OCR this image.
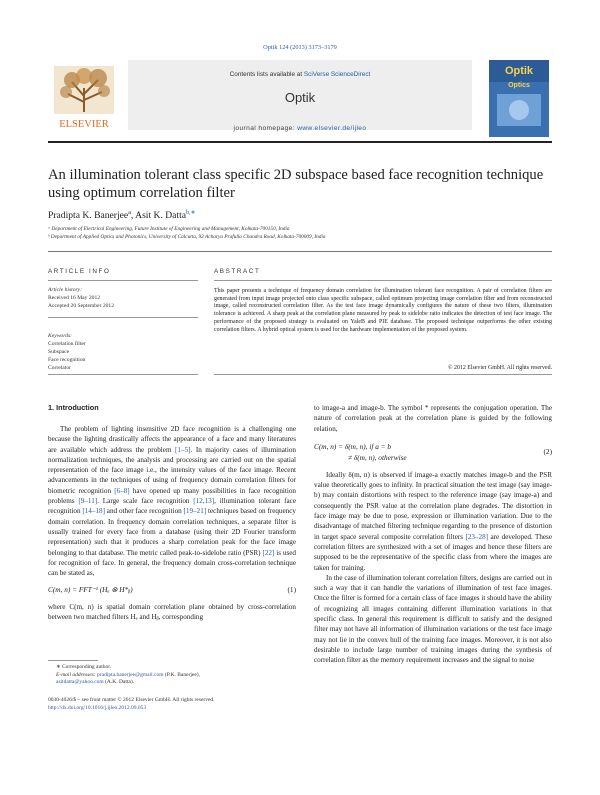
Optik 124 (2013) 3173–3179
Contents lists available at SciVerse ScienceDirect
Optik
journal homepage: www.elsevier.de/ijleo
ELSEVIER
Optik
Optics
An illumination tolerant class specific 2D subspace based face recognition technique using optimum correlation filter
Pradipta K. Banerjee$^a$, Asit K. Datta$^{b,∗}$
ᵃ Department of Electrical Engineering, Future Institute of Engineering and Management, Kolkata-700150, India
ᵇ Department of Applied Optics and Photonics, University of Calcutta, 92 Acharya Prafulla Chandra Road, Kolkata-700009, India
ARTICLE INFO
Article history:
Received 16 May 2012
Accepted 20 September 2012
Keywords:
Correlation filter
Subspace
Face recognition
Correlator
ABSTRACT
This paper presents a technique of frequency domain correlation for illumination tolerant face recognition. A pair of correlation filters are generated from input image projected onto class specific subspace, called optimum projecting image correlation filter and from reconstructed image, called reconstructed correlation filter. As the test face image dynamically configures the nature of these two filters, illumination tolerance is achieved. A sharp peak at the correlation plane measured by peak to sidelobe ratio indicates the detection of test face image. The performance of the proposed strategy is evaluated on YaleB and PIE database. The proposed technique outperforms the other existing correlation filters. A hybrid optical system is used for the hardware implementation of the proposed system.
© 2012 Elsevier GmbH. All rights reserved.
1. Introduction

The problem of lighting insensitive 2D face recognition is a challenging one because the lighting drastically affects the appearance of a face and many literatures are available which address the problem [1–5]. In majority cases of illumination normalization techniques, the analysis and processing are carried out on the spatial representation of the face image i.e., the intensity values of the face image. Recent advancements in the techniques of using of frequency domain correlation filters for biometric recognition [6–8] have opened up many possibilities in face recognition problems [9–11]. Large scale face recognition [12,13], illumination tolerant face recognition [14–18] and other face recognition [19–21] techniques based on frequency domain correlation. In frequency domain correlation techniques, a separate filter is usually trained for every face from a database (using their 2D Fourier transform representation) such that it produces a sharp correlation peak for the face image belonging to that database. The metric called peak-to-sidelobe ratio (PSR) [22] is used for recognition of face. In general, the frequency domain cross-correlation technique can be stated as,

C(m, n) = FFT⁻¹ (Hₐ ⊗ H*ᵦ)	(1)

where C(m, n) is spatial domain correlation plane obtained by cross-correlation between two matched filters Hₐ and Hᵦ, corresponding

to image-a and image-b. The symbol * represents the conjugation operation. The nature of correlation peak at the correlation plane is guided by the following relation,

C(m, n) = δ(m, n), if a = b
≠ δ(m, n), otherwise
(2)

Ideally δ(m, n) is observed if image-a exactly matches image-b and the PSR value theoretically goes to infinity. In practical situation the test image (say image-b) may contain distortions with respect to the reference image (say image-a) and consequently the PSR value at the correlation plane degrades. The distortion in face image may be due to pose, expression or illumination variation. Due to the disadvantage of matched filtering technique regarding to the presence of distortion in target space several composite correlation filters [23–28] are developed. These correlation filters are synthesized with a set of images and hence these filters are supposed to be the representative of the specific class from where the images are taken for training.

In the case of illumination tolerant correlation filters, designs are carried out in such a way that it can handle the variations of illumination of test face images. Once the filter is formed for a certain class of face images it should have the ability of recognizing all images containing different illumination variations in that specific class. In general this requirement is difficult to satisfy and the designed filter may not have all information of illumination variations or the test face image may not lie in the convex hull of the training face images. Moreover, it is not also desirable to include large number of training images during the synthesis of correlation filter as the memory requirement increases and the signal to noise

∗ Corresponding author.
E-mail addresses: pradipta.banerjee@gmail.com (P.K. Banerjee),
asitdatta@yahoo.com (A.K. Datta).
0030-4026/$ – see front matter © 2012 Elsevier GmbH. All rights reserved.
http://dx.doi.org/10.1016/j.ijleo.2012.09.053
